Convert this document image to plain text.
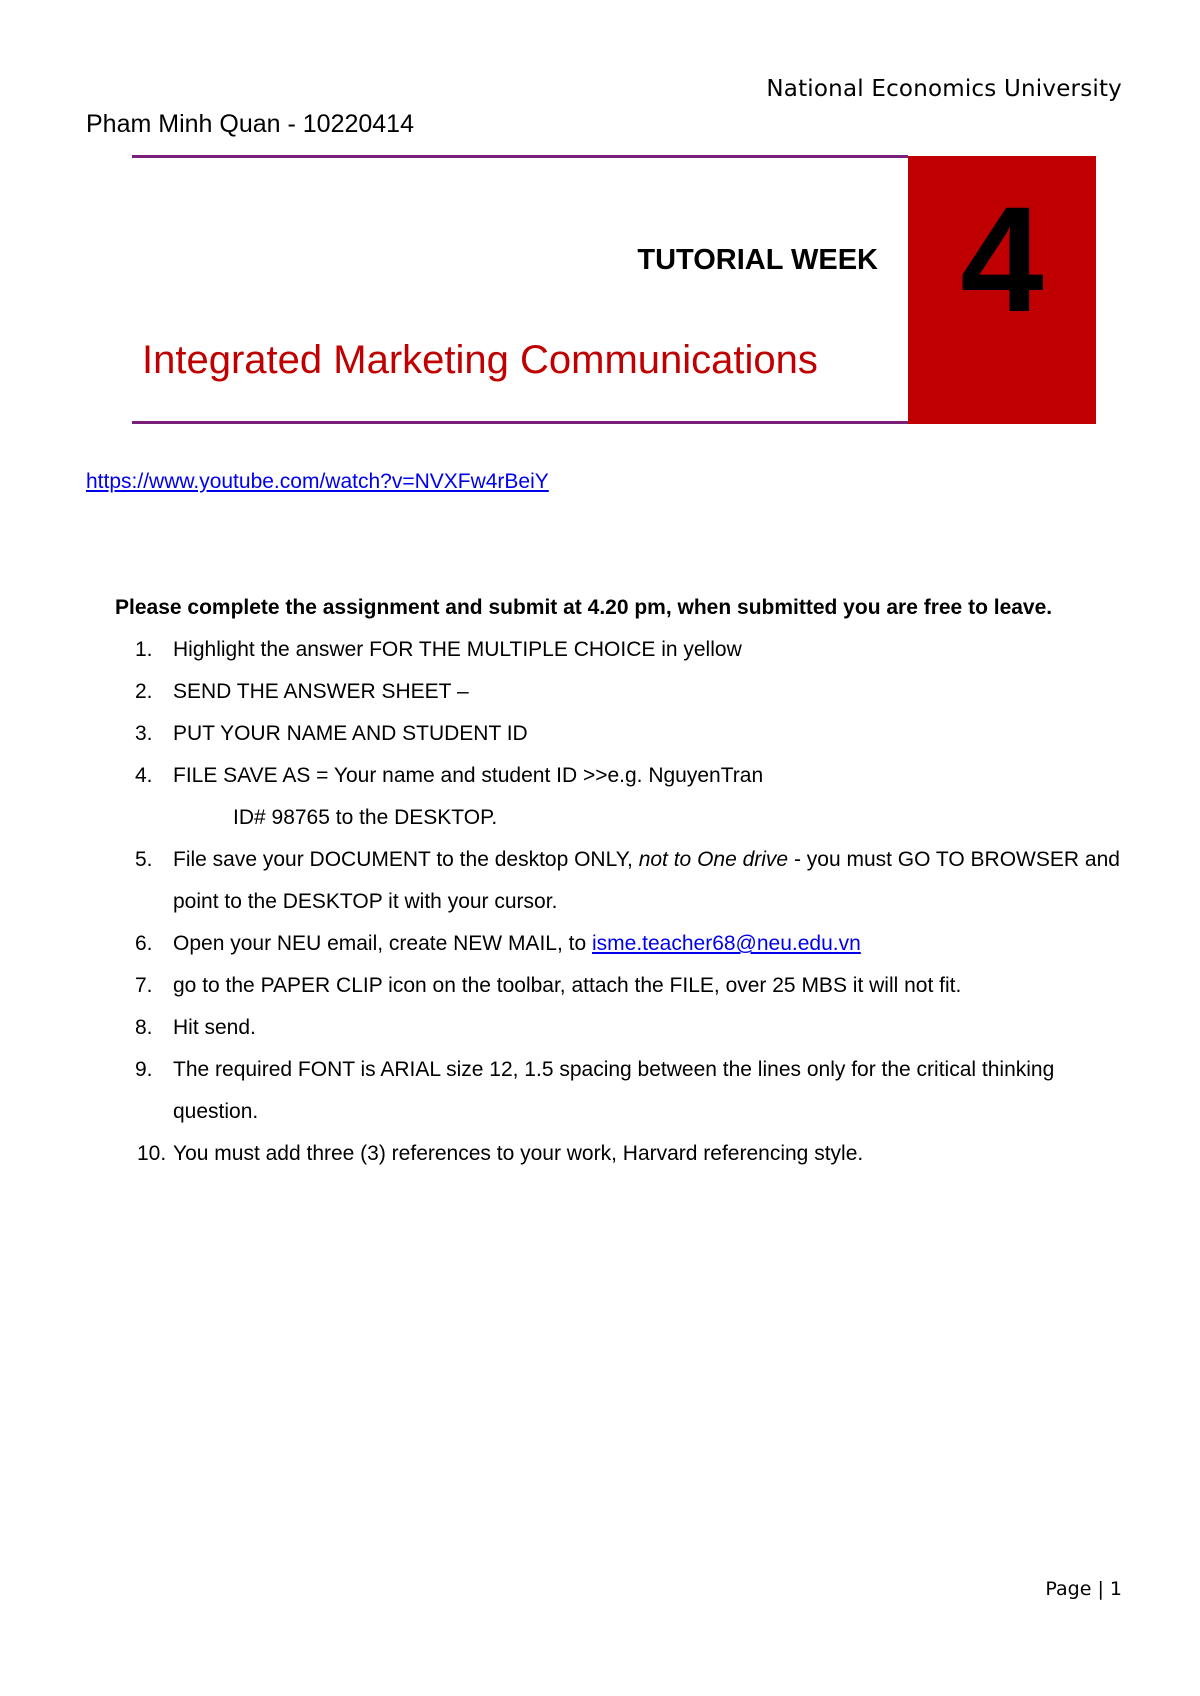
National Economics University
Pham Minh Quan - 10220414
TUTORIAL WEEK
Integrated Marketing Communications
4
https://www.youtube.com/watch?v=NVXFw4rBeiY
Please complete the assignment and submit at 4.20 pm, when submitted you are free to leave.
1. Highlight the answer FOR THE MULTIPLE CHOICE in yellow
2. SEND THE ANSWER SHEET –
3. PUT YOUR NAME AND STUDENT ID
4. FILE SAVE AS = Your name and student ID >>e.g. NguyenTran
ID# 98765 to the DESKTOP.
5. File save your DOCUMENT to the desktop ONLY, not to One drive - you must GO TO BROWSER and point to the DESKTOP it with your cursor.
6. Open your NEU email, create NEW MAIL, to isme.teacher68@neu.edu.vn
7. go to the PAPER CLIP icon on the toolbar, attach the FILE, over 25 MBS it will not fit.
8. Hit send.
9. The required FONT is ARIAL size 12, 1.5 spacing between the lines only for the critical thinking question.
10. You must add three (3) references to your work, Harvard referencing style.
Page | 1
